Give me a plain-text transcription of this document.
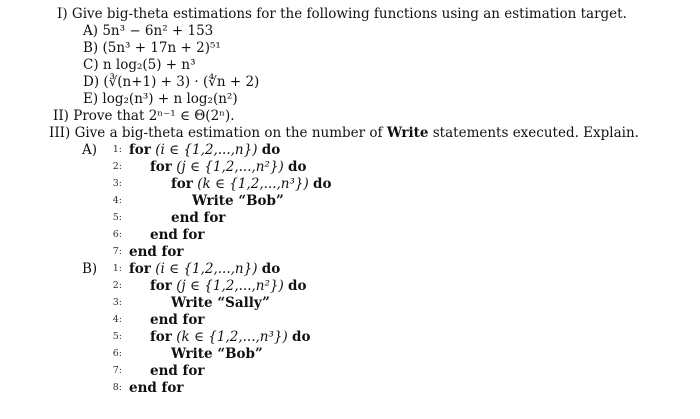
I) Give big-theta estimations for the following functions using an estimation target.
A) 5n³ − 6n² + 153
B) (5n³ + 17n + 2)⁵¹
C) n log₂(5) + n³
D) (∛(n+1) + 3) · (∜n + 2)
E) log₂(n³) + n log₂(n²)
II) Prove that 2ⁿ⁻¹ ∈ Θ(2ⁿ).
III) Give a big-theta estimation on the number of Write statements executed. Explain.
A)	1: for (i ∈ {1,2,...,n}) do
2: for (j ∈ {1,2,...,n²}) do
3:	for (k ∈ {1,2,...,n³}) do
4:	Write “Bob”
5:	end for
6: end for
7: end for
B)	1: for (i ∈ {1,2,...,n}) do
2: for (j ∈ {1,2,...,n²}) do
3:	Write “Sally”
4: end for
5: for (k ∈ {1,2,...,n³}) do
6:	Write “Bob”
7: end for
8: end for
